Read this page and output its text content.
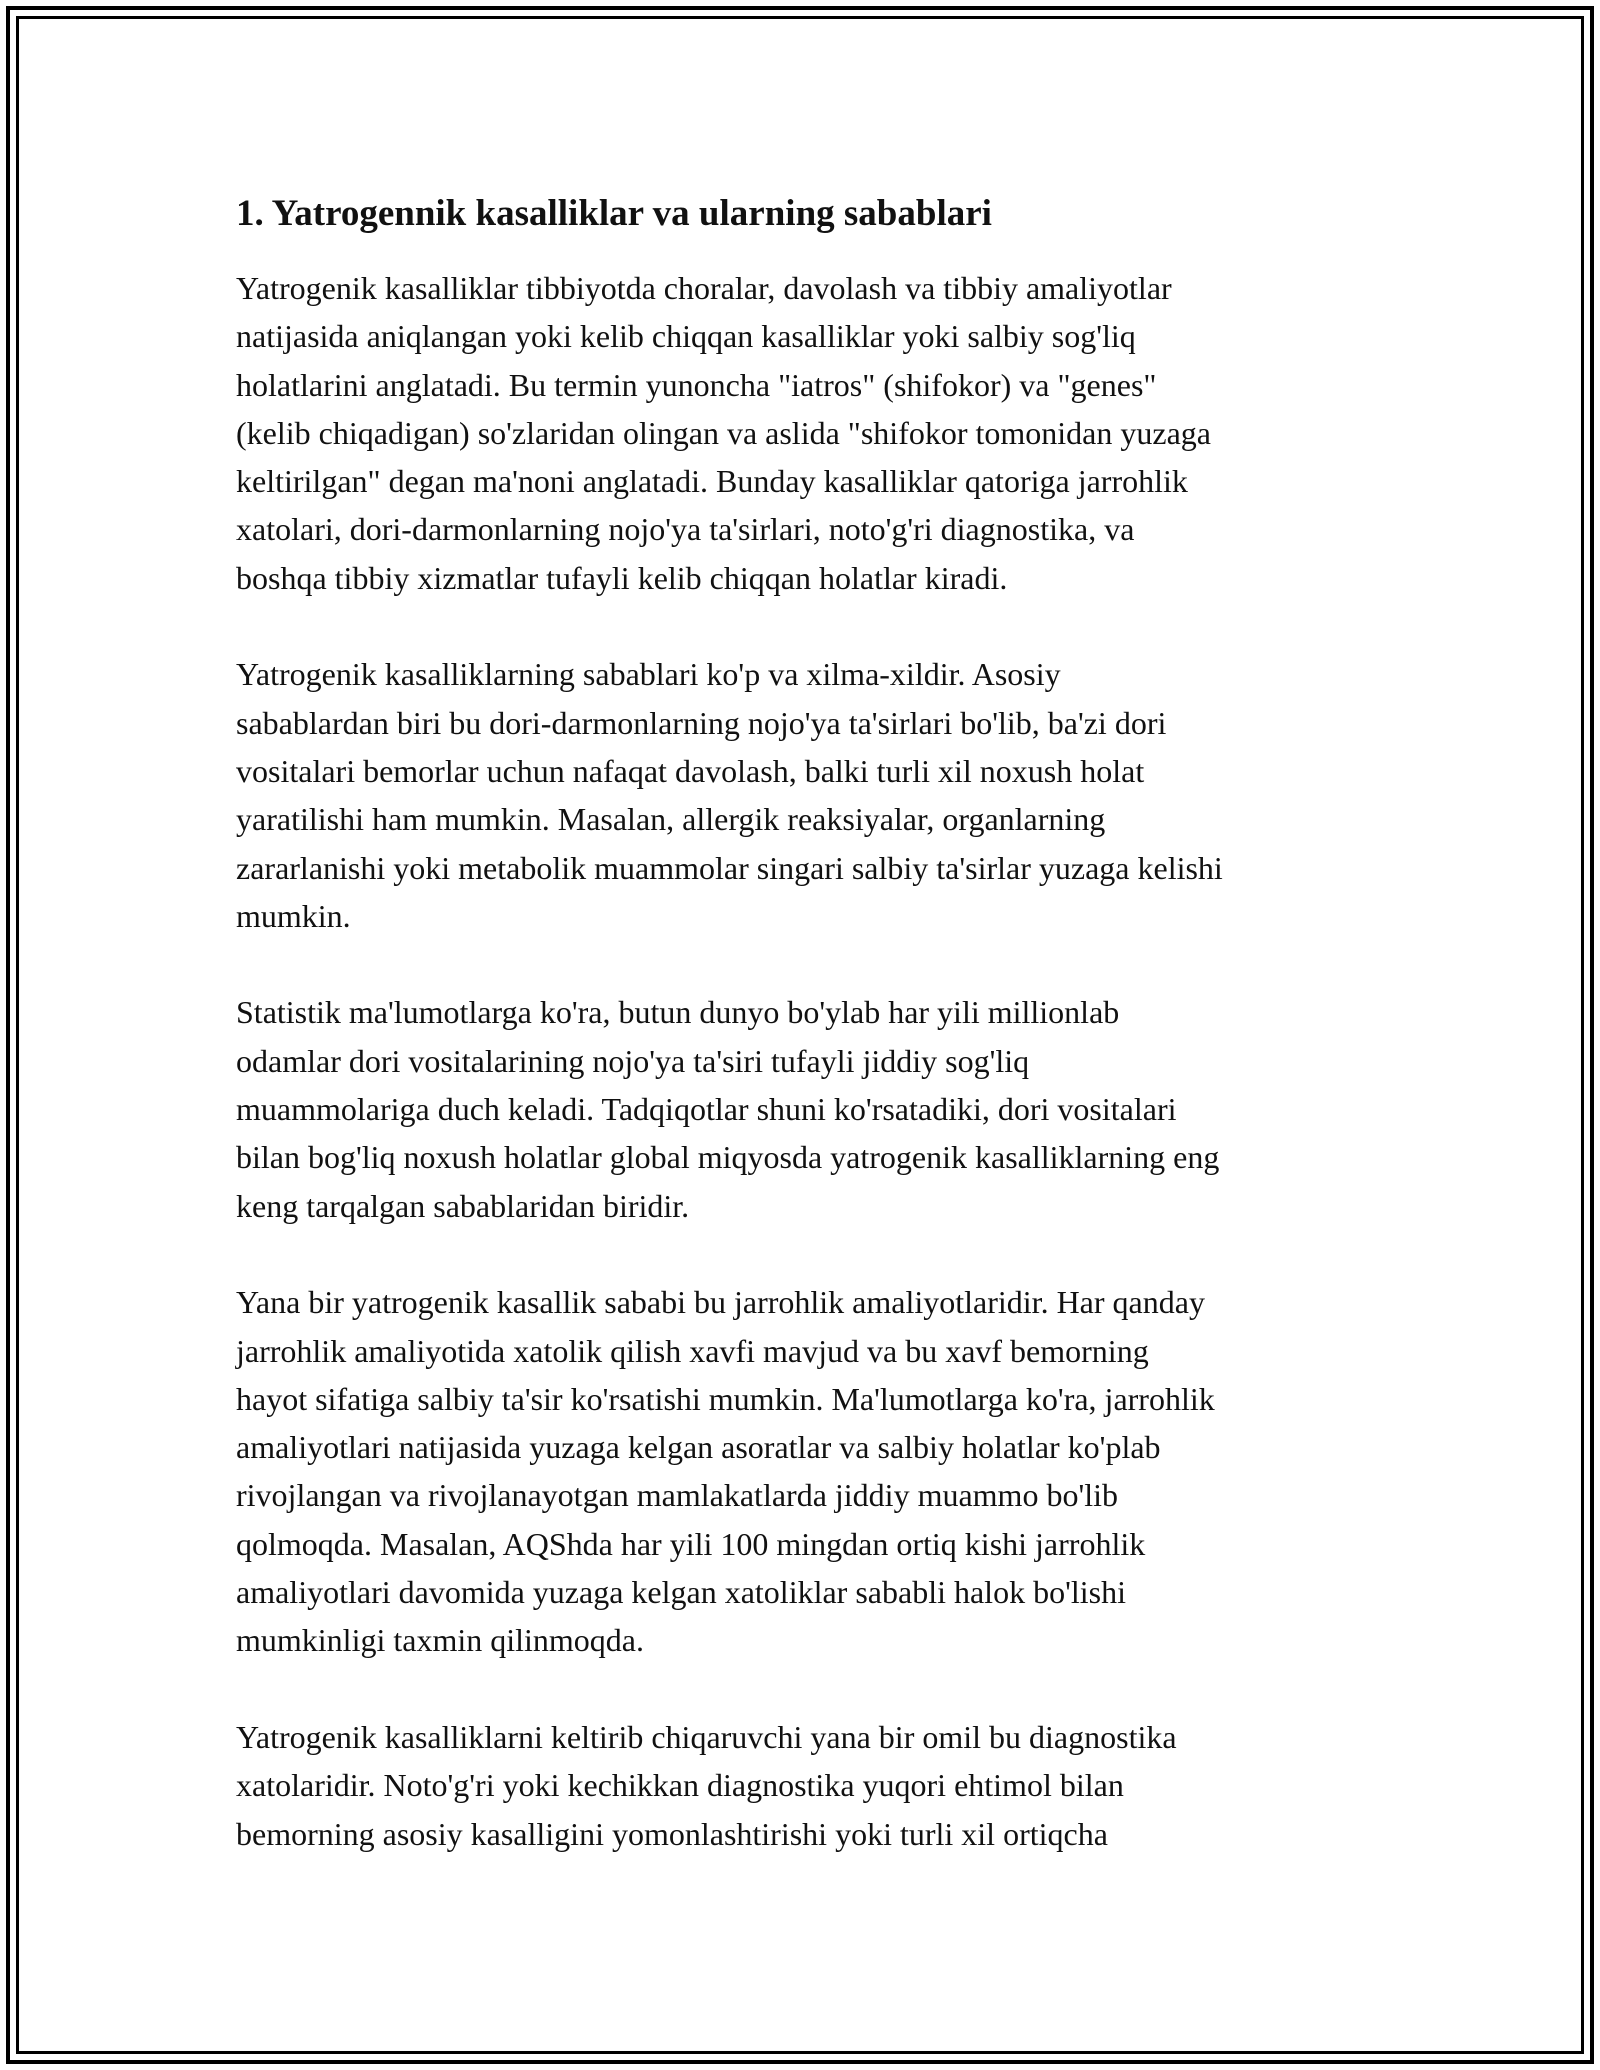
1. Yatrogennik kasalliklar va ularning sabablari

Yatrogenik kasalliklar tibbiyotda choralar, davolash va tibbiy amaliyotlar
natijasida aniqlangan yoki kelib chiqqan kasalliklar yoki salbiy sog'liq
holatlarini anglatadi. Bu termin yunoncha "iatros" (shifokor) va "genes"
(kelib chiqadigan) so'zlaridan olingan va aslida "shifokor tomonidan yuzaga
keltirilgan" degan ma'noni anglatadi. Bunday kasalliklar qatoriga jarrohlik
xatolari, dori-darmonlarning nojo'ya ta'sirlari, noto'g'ri diagnostika, va
boshqa tibbiy xizmatlar tufayli kelib chiqqan holatlar kiradi.

Yatrogenik kasalliklarning sabablari ko'p va xilma-xildir. Asosiy
sabablardan biri bu dori-darmonlarning nojo'ya ta'sirlari bo'lib, ba'zi dori
vositalari bemorlar uchun nafaqat davolash, balki turli xil noxush holat
yaratilishi ham mumkin. Masalan, allergik reaksiyalar, organlarning
zararlanishi yoki metabolik muammolar singari salbiy ta'sirlar yuzaga kelishi
mumkin.

Statistik ma'lumotlarga ko'ra, butun dunyo bo'ylab har yili millionlab
odamlar dori vositalarining nojo'ya ta'siri tufayli jiddiy sog'liq
muammolariga duch keladi. Tadqiqotlar shuni ko'rsatadiki, dori vositalari
bilan bog'liq noxush holatlar global miqyosda yatrogenik kasalliklarning eng
keng tarqalgan sabablaridan biridir.

Yana bir yatrogenik kasallik sababi bu jarrohlik amaliyotlaridir. Har qanday
jarrohlik amaliyotida xatolik qilish xavfi mavjud va bu xavf bemorning
hayot sifatiga salbiy ta'sir ko'rsatishi mumkin. Ma'lumotlarga ko'ra, jarrohlik
amaliyotlari natijasida yuzaga kelgan asoratlar va salbiy holatlar ko'plab
rivojlangan va rivojlanayotgan mamlakatlarda jiddiy muammo bo'lib
qolmoqda. Masalan, AQShda har yili 100 mingdan ortiq kishi jarrohlik
amaliyotlari davomida yuzaga kelgan xatoliklar sababli halok bo'lishi
mumkinligi taxmin qilinmoqda.

Yatrogenik kasalliklarni keltirib chiqaruvchi yana bir omil bu diagnostika
xatolaridir. Noto'g'ri yoki kechikkan diagnostika yuqori ehtimol bilan
bemorning asosiy kasalligini yomonlashtirishi yoki turli xil ortiqcha
